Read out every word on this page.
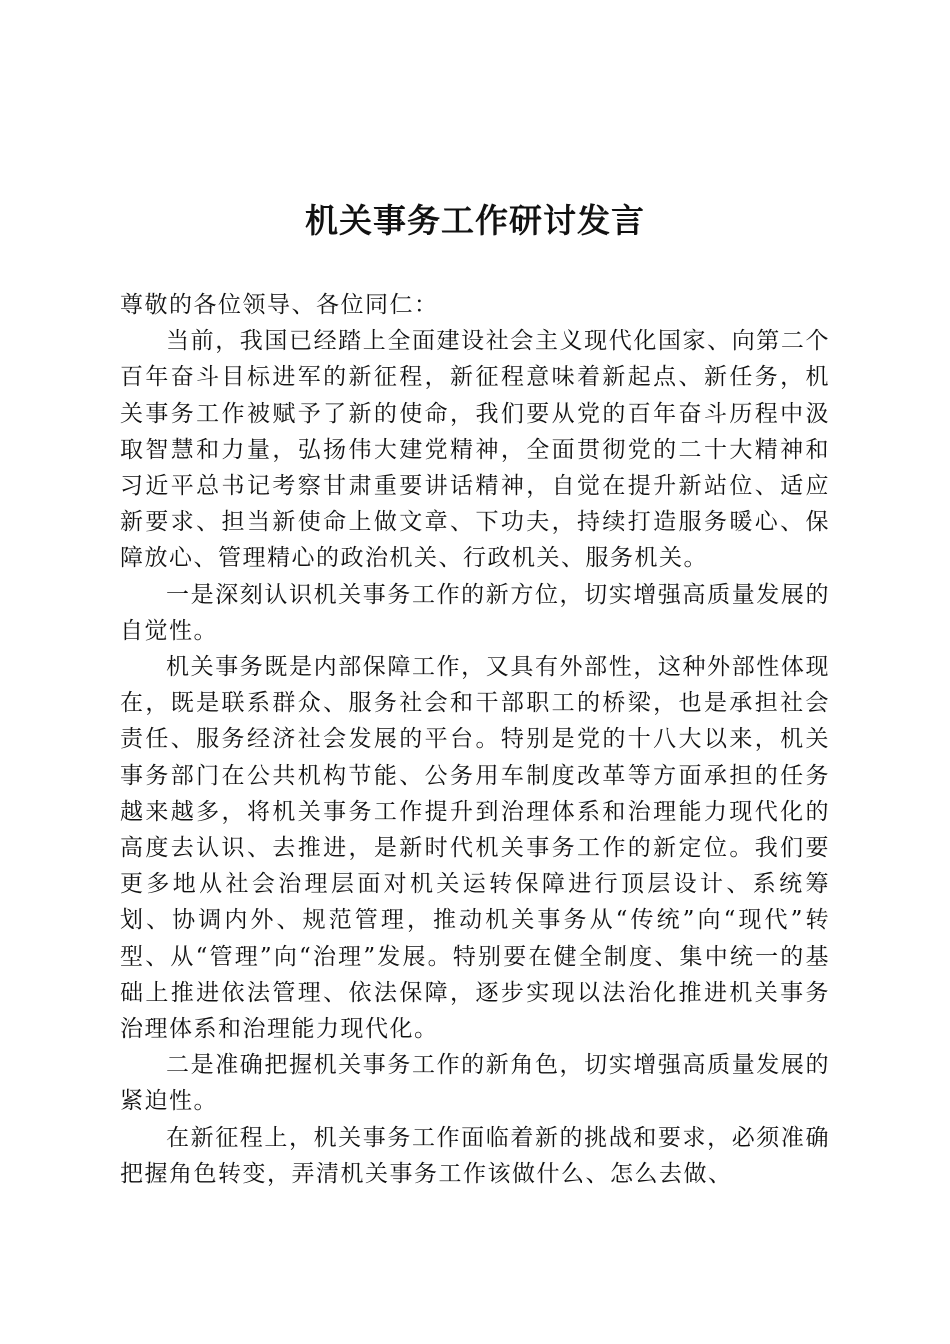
机关事务工作研讨发言

尊敬的各位领导、各位同仁：

当前，我国已经踏上全面建设社会主义现代化国家、向第二个百年奋斗目标进军的新征程，新征程意味着新起点、新任务，机关事务工作被赋予了新的使命，我们要从党的百年奋斗历程中汲取智慧和力量，弘扬伟大建党精神，全面贯彻党的二十大精神和习近平总书记考察甘肃重要讲话精神，自觉在提升新站位、适应新要求、担当新使命上做文章、下功夫，持续打造服务暖心、保障放心、管理精心的政治机关、行政机关、服务机关。

一是深刻认识机关事务工作的新方位，切实增强高质量发展的自觉性。

机关事务既是内部保障工作，又具有外部性，这种外部性体现在，既是联系群众、服务社会和干部职工的桥梁，也是承担社会责任、服务经济社会发展的平台。特别是党的十八大以来，机关事务部门在公共机构节能、公务用车制度改革等方面承担的任务越来越多，将机关事务工作提升到治理体系和治理能力现代化的高度去认识、去推进，是新时代机关事务工作的新定位。我们要更多地从社会治理层面对机关运转保障进行顶层设计、系统筹划、协调内外、规范管理，推动机关事务从“传统”向“现代”转型、从“管理”向“治理”发展。特别要在健全制度、集中统一的基础上推进依法管理、依法保障，逐步实现以法治化推进机关事务治理体系和治理能力现代化。

二是准确把握机关事务工作的新角色，切实增强高质量发展的紧迫性。

在新征程上，机关事务工作面临着新的挑战和要求，必须准确把握角色转变，弄清机关事务工作该做什么、怎么去做、
